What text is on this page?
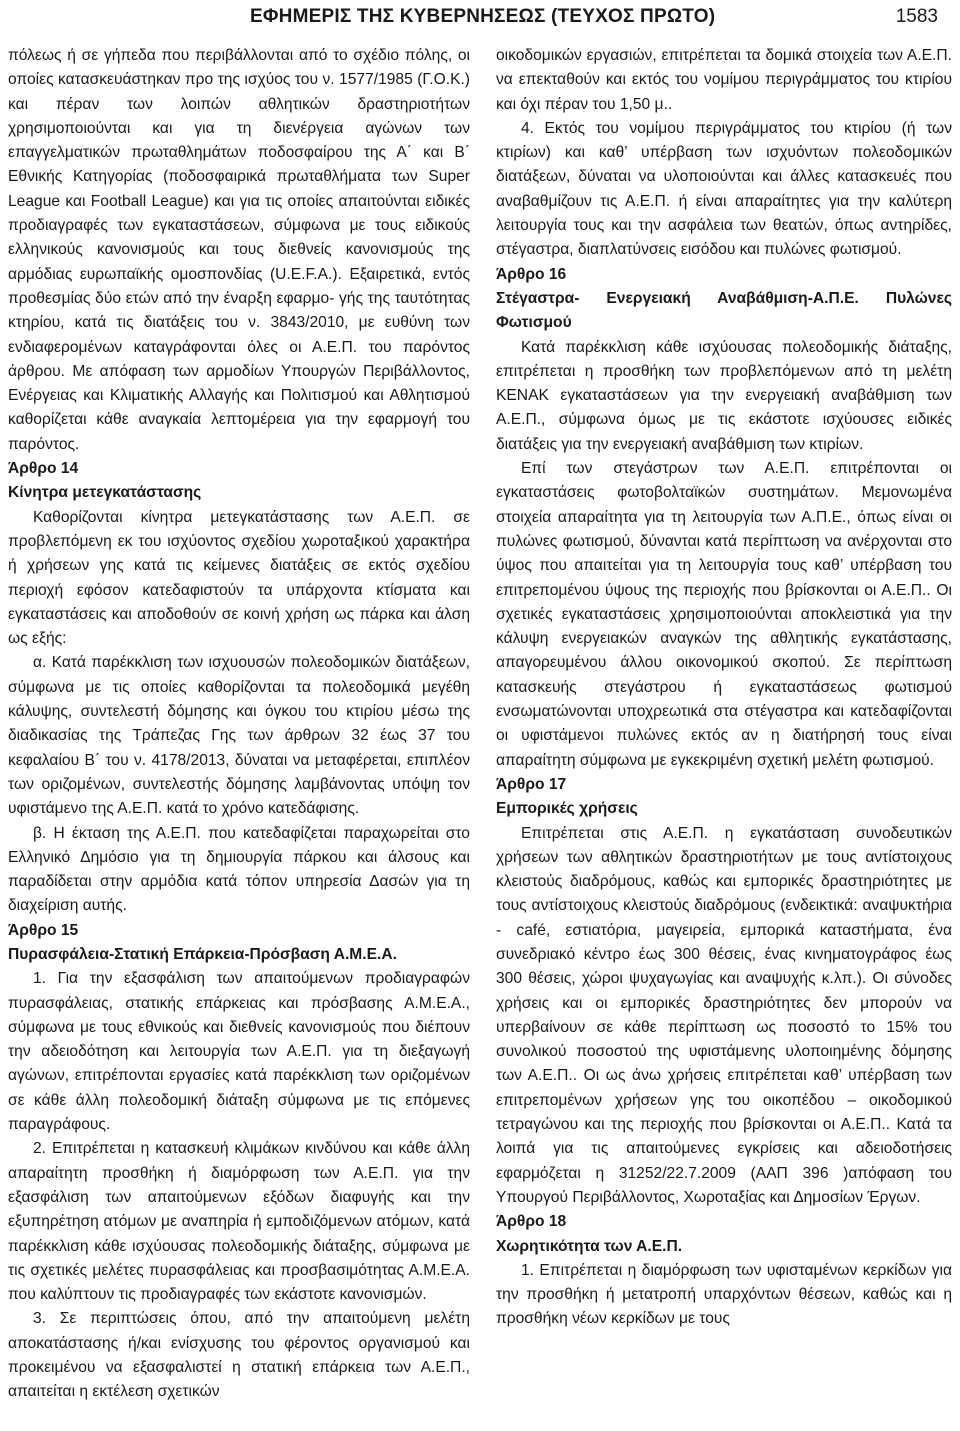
ΕΦΗΜΕΡΙΣ ΤΗΣ ΚΥΒΕΡΝΗΣΕΩΣ (ΤΕΥΧΟΣ ΠΡΩΤΟ)	1583

πόλεως ή σε γήπεδα που περιβάλλονται από το σχέδιο πόλης, οι οποίες κατασκευάστηκαν προ της ισχύος του ν. 1577/1985 (Γ.Ο.Κ.) και πέραν των λοιπών αθλητικών δραστηριοτήτων χρησιμοποιούνται και για τη διενέργεια αγώνων των επαγγελματικών πρωταθλημάτων ποδοσφαίρου της Α΄ και Β΄ Εθνικής Κατηγορίας (ποδοσφαιρικά πρωταθλήματα των Super League και Football League) και για τις οποίες απαιτούνται ειδικές προδιαγραφές των εγκαταστάσεων, σύμφωνα με τους ειδικούς ελληνικούς κανονισμούς και τους διεθνείς κανονισμούς της αρμόδιας ευρωπαϊκής ομοσπονδίας (U.E.F.A.). Εξαιρετικά, εντός προθεσμίας δύο ετών από την έναρξη εφαρμο- γής της ταυτότητας κτηρίου, κατά τις διατάξεις του ν. 3843/2010, με ευθύνη των ενδιαφερομένων καταγράφονται όλες οι Α.Ε.Π. του παρόντος άρθρου. Με απόφαση των αρμοδίων Υπουργών Περιβάλλοντος, Ενέργειας και Κλιματικής Αλλαγής και Πολιτισμού και Αθλητισμού καθορίζεται κάθε αναγκαία λεπτομέρεια για την εφαρμογή του παρόντος.

Άρθρο 14

Κίνητρα μετεγκατάστασης

Καθορίζονται κίνητρα μετεγκατάστασης των Α.Ε.Π. σε προβλεπόμενη εκ του ισχύοντος σχεδίου χωροταξικού χαρακτήρα ή χρήσεων γης κατά τις κείμενες διατάξεις σε εκτός σχεδίου περιοχή εφόσον κατεδαφιστούν τα υπάρχοντα κτίσματα και εγκαταστάσεις και αποδοθούν σε κοινή χρήση ως πάρκα και άλση ως εξής:

α. Κατά παρέκκλιση των ισχυουσών πολεοδομικών διατάξεων, σύμφωνα με τις οποίες καθορίζονται τα πολεοδομικά μεγέθη κάλυψης, συντελεστή δόμησης και όγκου του κτιρίου μέσω της διαδικασίας της Τράπεζας Γης των άρθρων 32 έως 37 του κεφαλαίου Β΄ του ν. 4178/2013, δύναται να μεταφέρεται, επιπλέον των οριζομένων, συντελεστής δόμησης λαμβάνοντας υπόψη τον υφιστάμενο της Α.Ε.Π. κατά το χρόνο κατεδάφισης.

β. Η έκταση της Α.Ε.Π. που κατεδαφίζεται παραχωρείται στο Ελληνικό Δημόσιο για τη δημιουργία πάρκου και άλσους και παραδίδεται στην αρμόδια κατά τόπον υπηρεσία Δασών για τη διαχείριση αυτής.

Άρθρο 15

Πυρασφάλεια-Στατική Επάρκεια-Πρόσβαση Α.Μ.Ε.Α.

1. Για την εξασφάλιση των απαιτούμενων προδιαγραφών πυρασφάλειας, στατικής επάρκειας και πρόσβασης Α.Μ.Ε.Α., σύμφωνα με τους εθνικούς και διεθνείς κανονισμούς που διέπουν την αδειοδότηση και λειτουργία των Α.Ε.Π. για τη διεξαγωγή αγώνων, επιτρέπονται εργασίες κατά παρέκκλιση των οριζομένων σε κάθε άλλη πολεοδομική διάταξη σύμφωνα με τις επόμενες παραγράφους.

2. Επιτρέπεται η κατασκευή κλιμάκων κινδύνου και κάθε άλλη απαραίτητη προσθήκη ή διαμόρφωση των Α.Ε.Π. για την εξασφάλιση των απαιτούμενων εξόδων διαφυγής και την εξυπηρέτηση ατόμων με αναπηρία ή εμποδιζόμενων ατόμων, κατά παρέκκλιση κάθε ισχύουσας πολεοδομικής διάταξης, σύμφωνα με τις σχετικές μελέτες πυρασφάλειας και προσβασιμότητας Α.Μ.Ε.Α. που καλύπτουν τις προδιαγραφές των εκάστοτε κανονισμών.

3. Σε περιπτώσεις όπου, από την απαιτούμενη μελέτη αποκατάστασης ή/και ενίσχυσης του φέροντος οργανισμού και προκειμένου να εξασφαλιστεί η στατική επάρκεια των Α.Ε.Π., απαιτείται η εκτέλεση σχετικών

οικοδομικών εργασιών, επιτρέπεται τα δομικά στοιχεία των Α.Ε.Π. να επεκταθούν και εκτός του νομίμου περιγράμματος του κτιρίου και όχι πέραν του 1,50 μ..

4. Εκτός του νομίμου περιγράμματος του κτιρίου (ή των κτιρίων) και καθ’ υπέρβαση των ισχυόντων πολεοδομικών διατάξεων, δύναται να υλοποιούνται και άλλες κατασκευές που αναβαθμίζουν τις Α.Ε.Π. ή είναι απαραίτητες για την καλύτερη λειτουργία τους και την ασφάλεια των θεατών, όπως αντηρίδες, στέγαστρα, διαπλατύνσεις εισόδου και πυλώνες φωτισμού.

Άρθρο 16

Στέγαστρα- Ενεργειακή Αναβάθμιση-Α.Π.Ε. Πυλώνες Φωτισμού

Κατά παρέκκλιση κάθε ισχύουσας πολεοδομικής διάταξης, επιτρέπεται η προσθήκη των προβλεπόμενων από τη μελέτη ΚΕΝΑΚ εγκαταστάσεων για την ενεργειακή αναβάθμιση των Α.Ε.Π., σύμφωνα όμως με τις εκάστοτε ισχύουσες ειδικές διατάξεις για την ενεργειακή αναβάθμιση των κτιρίων.

Επί των στεγάστρων των Α.Ε.Π. επιτρέπονται οι εγκαταστάσεις φωτοβολταϊκών συστημάτων. Μεμονωμένα στοιχεία απαραίτητα για τη λειτουργία των Α.Π.Ε., όπως είναι οι πυλώνες φωτισμού, δύνανται κατά περίπτωση να ανέρχονται στο ύψος που απαιτείται για τη λειτουργία τους καθ’ υπέρβαση του επιτρεπομένου ύψους της περιοχής που βρίσκονται οι Α.Ε.Π.. Οι σχετικές εγκαταστάσεις χρησιμοποιούνται αποκλειστικά για την κάλυψη ενεργειακών αναγκών της αθλητικής εγκατάστασης, απαγορευμένου άλλου οικονομικού σκοπού. Σε περίπτωση κατασκευής στεγάστρου ή εγκαταστάσεως φωτισμού ενσωματώνονται υποχρεωτικά στα στέγαστρα και κατεδαφίζονται οι υφιστάμενοι πυλώνες εκτός αν η διατήρησή τους είναι απαραίτητη σύμφωνα με εγκεκριμένη σχετική μελέτη φωτισμού.

Άρθρο 17

Εμπορικές χρήσεις

Επιτρέπεται στις Α.Ε.Π. η εγκατάσταση συνοδευτικών χρήσεων των αθλητικών δραστηριοτήτων με τους αντίστοιχους κλειστούς διαδρόμους, καθώς και εμπορικές δραστηριότητες με τους αντίστοιχους κλειστούς διαδρόμους (ενδεικτικά: αναψυκτήρια - café, εστιατόρια, μαγειρεία, εμπορικά καταστήματα, ένα συνεδριακό κέντρο έως 300 θέσεις, ένας κινηματογράφος έως 300 θέσεις, χώροι ψυχαγωγίας και αναψυχής κ.λπ.). Οι σύνοδες χρήσεις και οι εμπορικές δραστηριότητες δεν μπορούν να υπερβαίνουν σε κάθε περίπτωση ως ποσοστό το 15% του συνολικού ποσοστού της υφιστάμενης υλοποιημένης δόμησης των Α.Ε.Π.. Οι ως άνω χρήσεις επιτρέπεται καθ’ υπέρβαση των επιτρεπομένων χρήσεων γης του οικοπέδου – οικοδομικού τετραγώνου και της περιοχής που βρίσκονται οι Α.Ε.Π.. Κατά τα λοιπά για τις απαιτούμενες εγκρίσεις και αδειοδοτήσεις εφαρμόζεται η 31252/22.7.2009 (ΑΑΠ 396 )απόφαση του Υπουργού Περιβάλλοντος, Χωροταξίας και Δημοσίων Έργων.

Άρθρο 18

Χωρητικότητα των Α.Ε.Π.

1. Επιτρέπεται η διαμόρφωση των υφισταμένων κερκίδων για την προσθήκη ή μετατροπή υπαρχόντων θέσεων, καθώς και η προσθήκη νέων κερκίδων με τους
